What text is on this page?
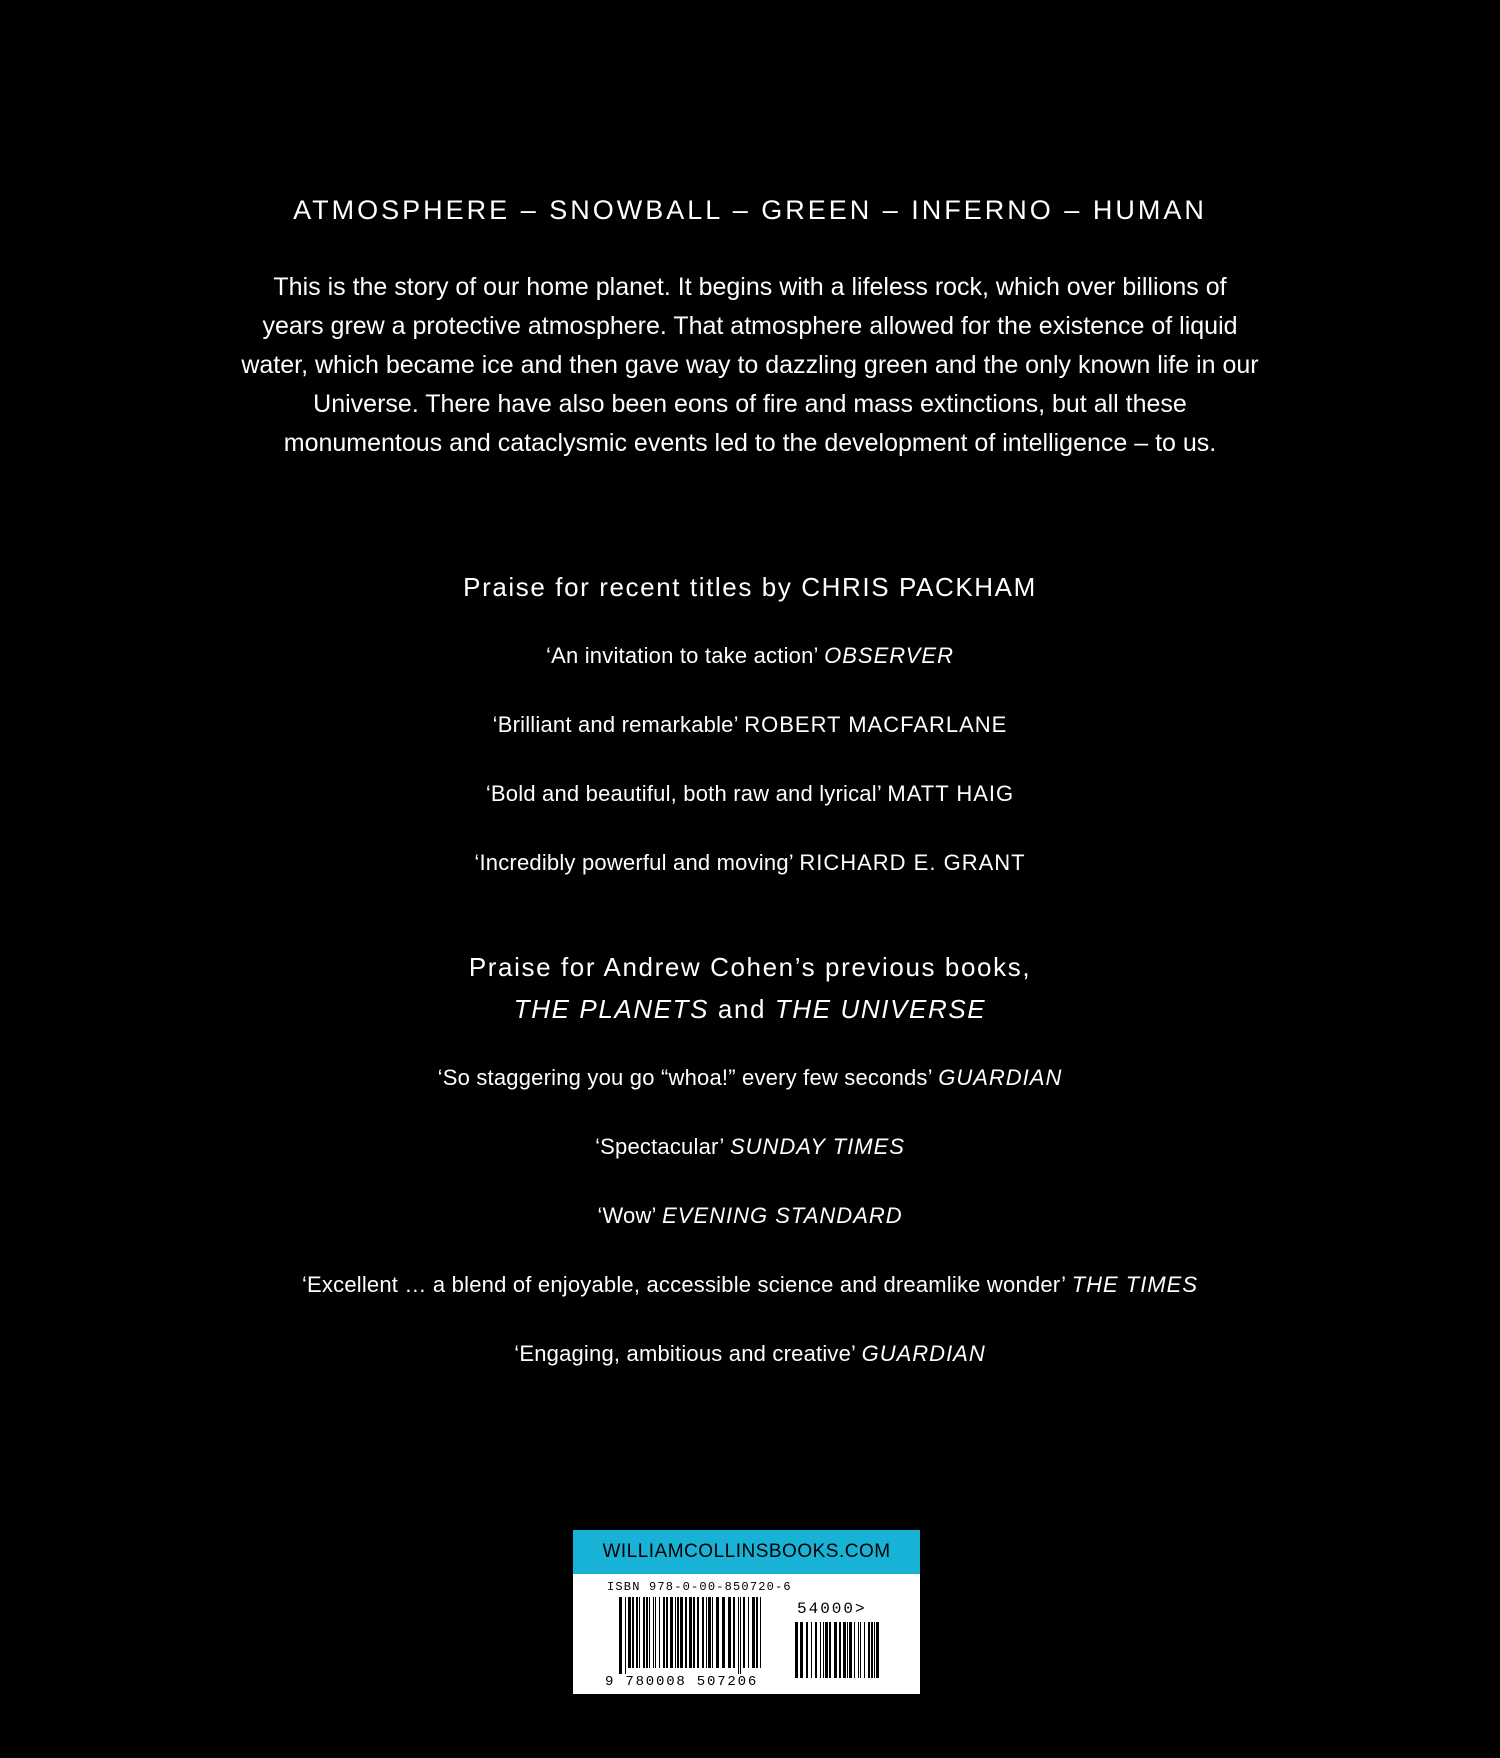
ATMOSPHERE – SNOWBALL – GREEN – INFERNO – HUMAN
This is the story of our home planet. It begins with a lifeless rock, which over billions of years grew a protective atmosphere. That atmosphere allowed for the existence of liquid water, which became ice and then gave way to dazzling green and the only known life in our Universe. There have also been eons of fire and mass extinctions, but all these monumentous and cataclysmic events led to the development of intelligence – to us.
Praise for recent titles by CHRIS PACKHAM
‘An invitation to take action’ OBSERVER
‘Brilliant and remarkable’ ROBERT MACFARLANE
‘Bold and beautiful, both raw and lyrical’ MATT HAIG
‘Incredibly powerful and moving’ RICHARD E. GRANT
Praise for Andrew Cohen’s previous books,
THE PLANETS and THE UNIVERSE
‘So staggering you go “whoa!” every few seconds’ GUARDIAN
‘Spectacular’ SUNDAY TIMES
‘Wow’ EVENING STANDARD
‘Excellent … a blend of enjoyable, accessible science and dreamlike wonder’ THE TIMES
‘Engaging, ambitious and creative’ GUARDIAN
WILLIAMCOLLINSBOOKS.COM
ISBN 978-0-00-850720-6
9 780008 507206
54000>
